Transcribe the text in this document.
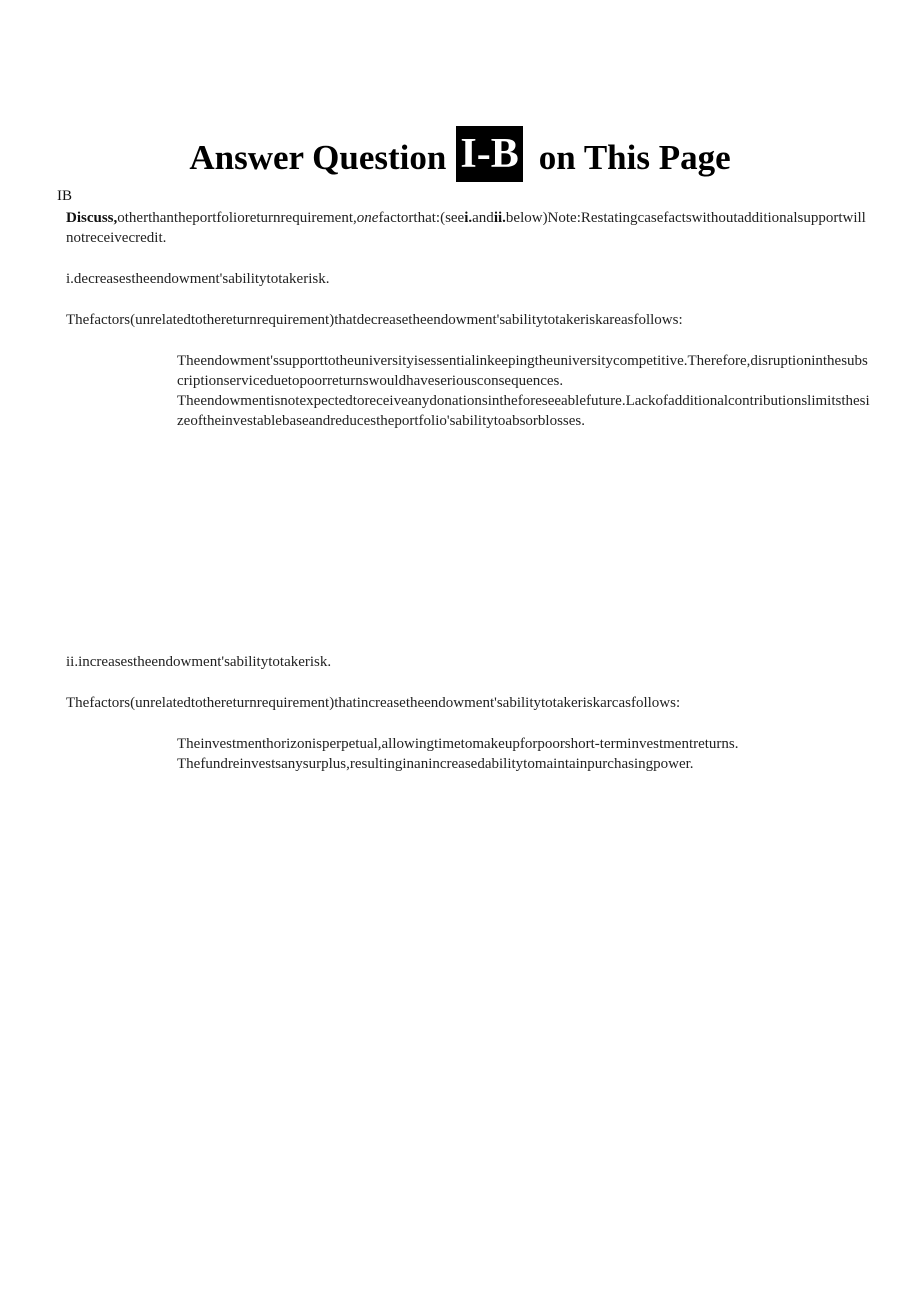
Answer Question I-B on This Page
IB
Discuss,otherthantheportfolioreturnrequirement,onefactorthat:(seei.andii.below)Note:Restatingcasefactswithoutadditionalsupportwillnotreceivecredit.
i.decreasestheendowment'sabilitytotakerisk.
Thefactors(unrelatedtothereturnrequirement)thatdecreasetheendowment'sabilitytotakeriskareasfollows:
Theendowment'ssupporttotheuniversityisessentialinkeepingtheuniversitycompetitive.Therefore,disruptioninthesubscriptionserviceduetopoorreturnswouldhaveseriousconsequences.
Theendowmentisnotexpectedtoreceiveanydonationsintheforeseeablefuture.Lackofadditionalcontributionslimitsthesizeoftheinvestablebaseandreducestheportfolio'sabilitytoabsorblosses.
ii.increasestheendowment'sabilitytotakerisk.
Thefactors(unrelatedtothereturnrequirement)thatincreasetheendowment'sabilitytotakeriskarcasfollows:
Theinvestmenthorizonisperpetual,allowingtimetomakeupforpoorshort-terminvestmentreturns.
Thefundreinvestsanysurplus,resultinginanincreasedabilitytomaintainpurchasingpower.
